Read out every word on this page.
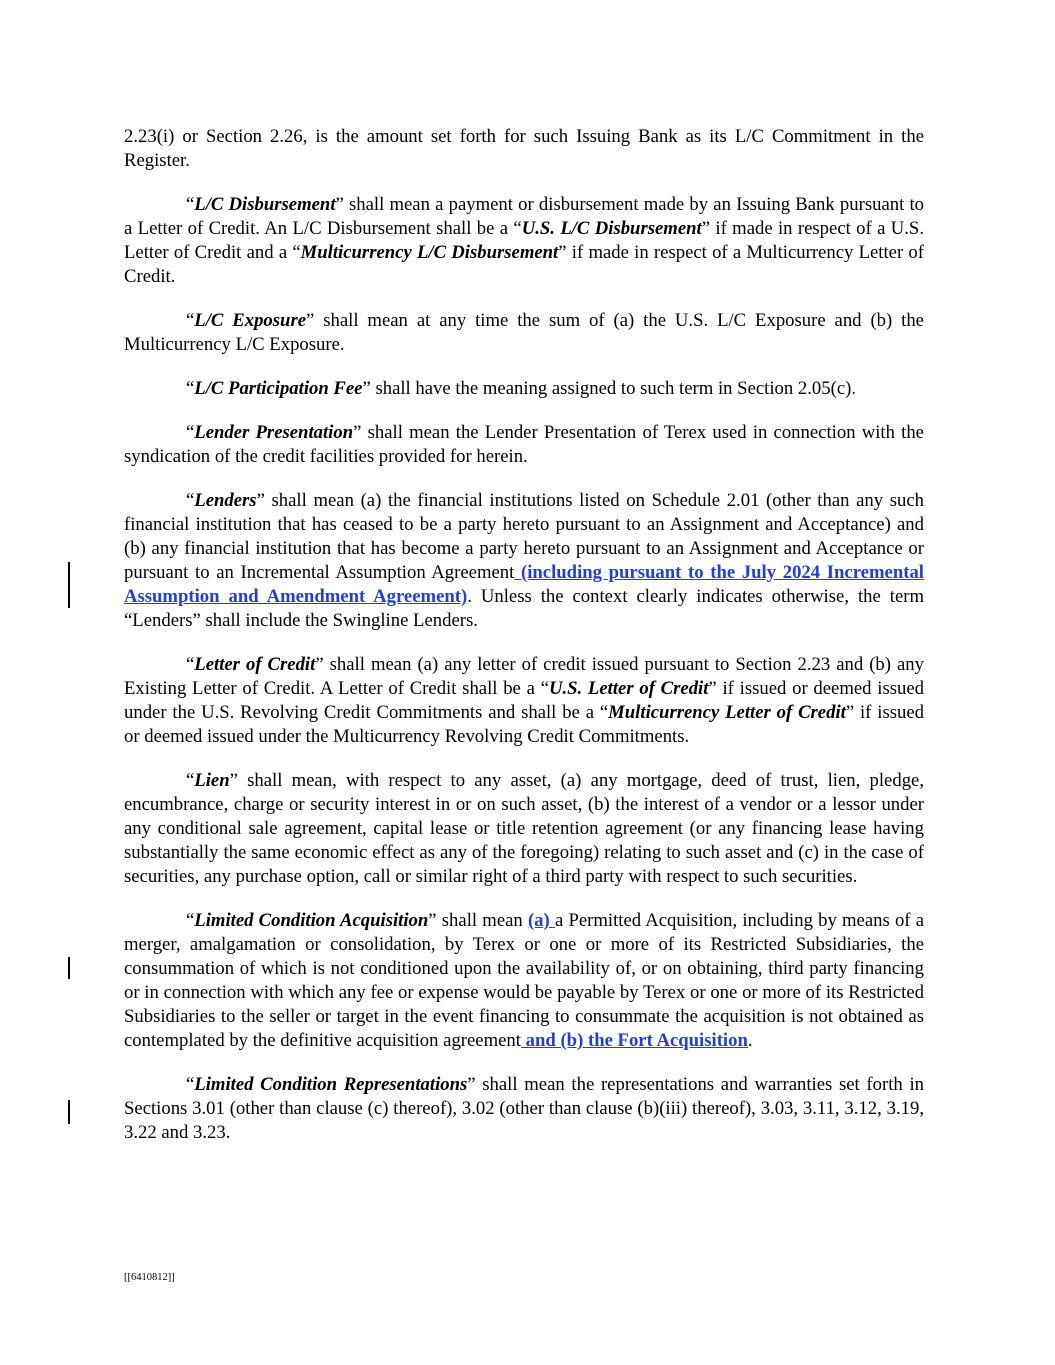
2.23(i) or Section 2.26, is the amount set forth for such Issuing Bank as its L/C Commitment in the Register.

“L/C Disbursement” shall mean a payment or disbursement made by an Issuing Bank pursuant to a Letter of Credit. An L/C Disbursement shall be a “U.S. L/C Disbursement” if made in respect of a U.S. Letter of Credit and a “Multicurrency L/C Disbursement” if made in respect of a Multicurrency Letter of Credit.

“L/C Exposure” shall mean at any time the sum of (a) the U.S. L/C Exposure and (b) the Multicurrency L/C Exposure.

“L/C Participation Fee” shall have the meaning assigned to such term in Section 2.05(c).

“Lender Presentation” shall mean the Lender Presentation of Terex used in connection with the syndication of the credit facilities provided for herein.

“Lenders” shall mean (a) the financial institutions listed on Schedule 2.01 (other than any such financial institution that has ceased to be a party hereto pursuant to an Assignment and Acceptance) and (b) any financial institution that has become a party hereto pursuant to an Assignment and Acceptance or pursuant to an Incremental Assumption Agreement (including pursuant to the July 2024 Incremental Assumption and Amendment Agreement). Unless the context clearly indicates otherwise, the term “Lenders” shall include the Swingline Lenders.

“Letter of Credit” shall mean (a) any letter of credit issued pursuant to Section 2.23 and (b) any Existing Letter of Credit. A Letter of Credit shall be a “U.S. Letter of Credit” if issued or deemed issued under the U.S. Revolving Credit Commitments and shall be a “Multicurrency Letter of Credit” if issued or deemed issued under the Multicurrency Revolving Credit Commitments.

“Lien” shall mean, with respect to any asset, (a) any mortgage, deed of trust, lien, pledge, encumbrance, charge or security interest in or on such asset, (b) the interest of a vendor or a lessor under any conditional sale agreement, capital lease or title retention agreement (or any financing lease having substantially the same economic effect as any of the foregoing) relating to such asset and (c) in the case of securities, any purchase option, call or similar right of a third party with respect to such securities.

“Limited Condition Acquisition” shall mean (a) a Permitted Acquisition, including by means of a merger, amalgamation or consolidation, by Terex or one or more of its Restricted Subsidiaries, the consummation of which is not conditioned upon the availability of, or on obtaining, third party financing or in connection with which any fee or expense would be payable by Terex or one or more of its Restricted Subsidiaries to the seller or target in the event financing to consummate the acquisition is not obtained as contemplated by the definitive acquisition agreement and (b) the Fort Acquisition.

“Limited Condition Representations” shall mean the representations and warranties set forth in Sections 3.01 (other than clause (c) thereof), 3.02 (other than clause (b)(iii) thereof), 3.03, 3.11, 3.12, 3.19, 3.22 and 3.23.

[[6410812]]
